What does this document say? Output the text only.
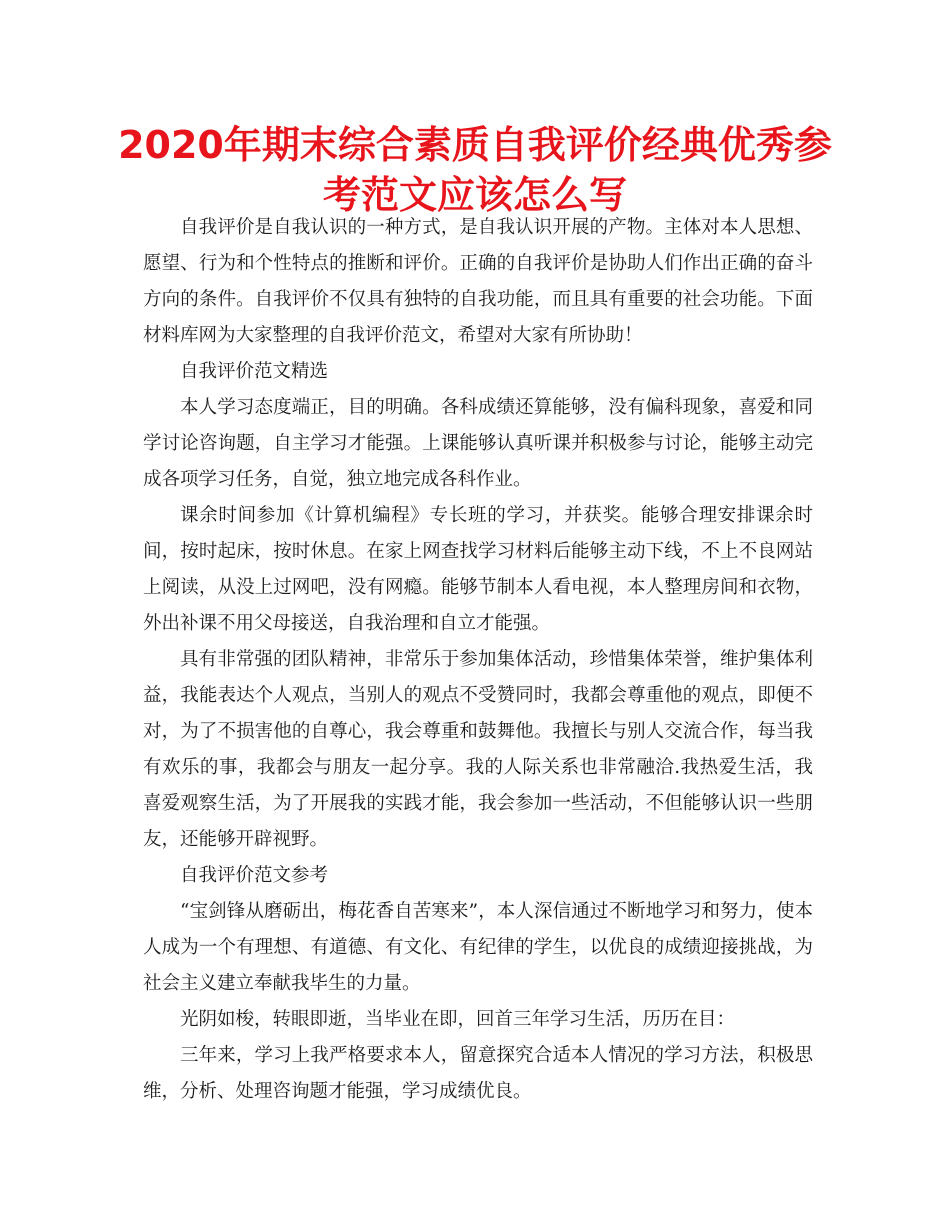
2020年期末综合素质自我评价经典优秀参考范文应该怎么写

自我评价是自我认识的一种方式，是自我认识开展的产物。主体对本人思想、愿望、行为和个性特点的推断和评价。正确的自我评价是协助人们作出正确的奋斗方向的条件。自我评价不仅具有独特的自我功能，而且具有重要的社会功能。下面材料库网为大家整理的自我评价范文，希望对大家有所协助！

自我评价范文精选

本人学习态度端正，目的明确。各科成绩还算能够，没有偏科现象，喜爱和同学讨论咨询题，自主学习才能强。上课能够认真听课并积极参与讨论，能够主动完成各项学习任务，自觉，独立地完成各科作业。

课余时间参加《计算机编程》专长班的学习，并获奖。能够合理安排课余时间，按时起床，按时休息。在家上网查找学习材料后能够主动下线，不上不良网站上阅读，从没上过网吧，没有网瘾。能够节制本人看电视，本人整理房间和衣物，外出补课不用父母接送，自我治理和自立才能强。

具有非常强的团队精神，非常乐于参加集体活动，珍惜集体荣誉，维护集体利益，我能表达个人观点，当别人的观点不受赞同时，我都会尊重他的观点，即便不对，为了不损害他的自尊心，我会尊重和鼓舞他。我擅长与别人交流合作，每当我有欢乐的事，我都会与朋友一起分享。我的人际关系也非常融洽.我热爱生活，我喜爱观察生活，为了开展我的实践才能，我会参加一些活动，不但能够认识一些朋友，还能够开辟视野。

自我评价范文参考

“宝剑锋从磨砺出，梅花香自苦寒来”，本人深信通过不断地学习和努力，使本人成为一个有理想、有道德、有文化、有纪律的学生，以优良的成绩迎接挑战，为社会主义建立奉献我毕生的力量。

光阴如梭，转眼即逝，当毕业在即，回首三年学习生活，历历在目：

三年来，学习上我严格要求本人，留意探究合适本人情况的学习方法，积极思维，分析、处理咨询题才能强，学习成绩优良。
